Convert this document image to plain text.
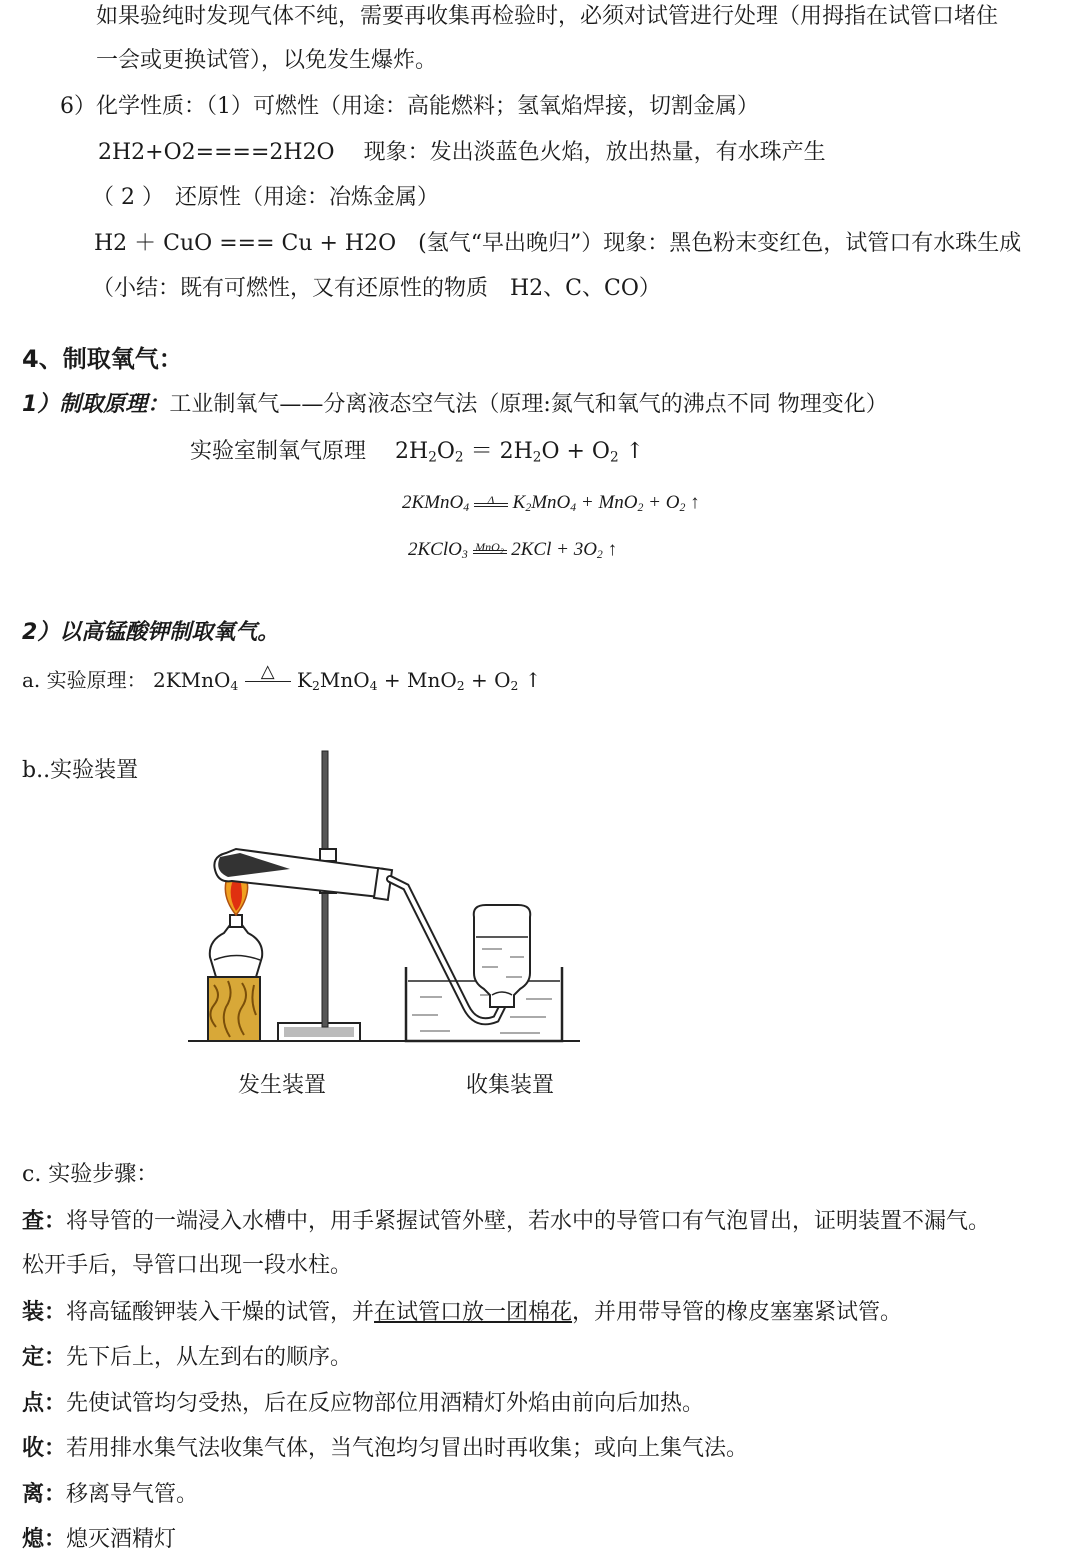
如果验纯时发现气体不纯，需要再收集再检验时，必须对试管进行处理（用拇指在试管口堵住
一会或更换试管），以免发生爆炸。
6）化学性质：（1）可燃性（用途：高能燃料；氢氧焰焊接，切割金属）
2H2+O2====2H2O　 现象：发出淡蓝色火焰，放出热量，有水珠产生
（ 2 ）　还原性（用途：冶炼金属）
H2 ＋ CuO === Cu + H2O　(氢气“早出晚归”）现象：黑色粉末变红色，试管口有水珠生成
（小结：既有可燃性，又有还原性的物质　H2、C、CO）
4、制取氧气：
1）制取原理：工业制氧气——分离液态空气法（原理:氮气和氧气的沸点不同 物理变化）
实验室制氧气原理　 $2H_2O_2 = 2H_2O + O_2$ ↑
2KMnO$_4$
Δ $K_2MnO_4 + MnO_2 + O_2$ ↑
2KClO$_3$
MnO₂ $2KCl + 3O_2$ ↑
2）以高锰酸钾制取氧气。
a. 实验原理： 2KMnO$_4$
△	$K_2MnO_4 + MnO_2 + O_2$ ↑
b..实验装置
发生装置	收集装置
c. 实验步骤：
查：将导管的一端浸入水槽中，用手紧握试管外壁，若水中的导管口有气泡冒出，证明装置不漏气。
松开手后，导管口出现一段水柱。
装：将高锰酸钾装入干燥的试管，并在试管口放一团棉花，并用带导管的橡皮塞塞紧试管。
定：先下后上，从左到右的顺序。
点：先使试管均匀受热，后在反应物部位用酒精灯外焰由前向后加热。
收：若用排水集气法收集气体，当气泡均匀冒出时再收集；或向上集气法。
离：移离导气管。
熄：熄灭酒精灯
